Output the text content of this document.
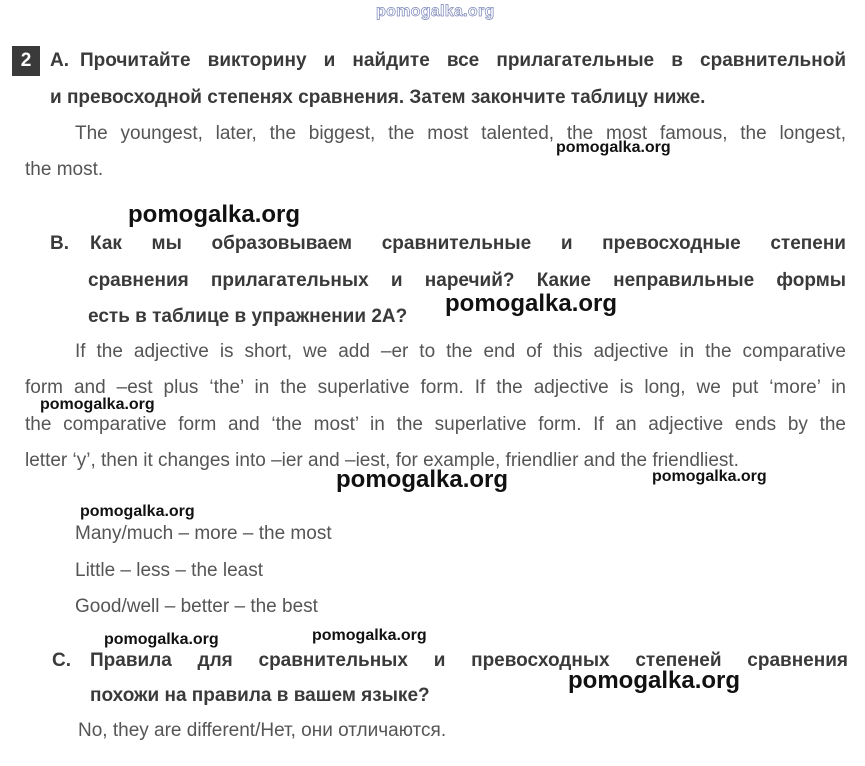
pomogalka.org
2 A. Прочитайте викторину и найдите все прилагательные в сравнительной
и превосходной степенях сравнения. Затем закончите таблицу ниже.
The youngest, later, the biggest, the most talented, the most famous, the longest,
the most.
B. Как мы образовываем сравнительные и превосходные степени
сравнения прилагательных и наречий? Какие неправильные формы
есть в таблице в упражнении 2A?
If the adjective is short, we add –er to the end of this adjective in the comparative
form and –est plus ‘the’ in the superlative form. If the adjective is long, we put ‘more’ in
the comparative form and ‘the most’ in the superlative form. If an adjective ends by the
letter ‘y’, then it changes into –ier and –iest, for example, friendlier and the friendliest.
Many/much – more – the most
Little – less – the least
Good/well – better – the best
C. Правила для сравнительных и превосходных степеней сравнения
похожи на правила в вашем языке?
No, they are different/Нет, они отличаются.
pomogalka.org
pomogalka.org
pomogalka.org
pomogalka.org
pomogalka.org	pomogalka.org
pomogalka.org
pomogalka.org	pomogalka.org
pomogalka.org
